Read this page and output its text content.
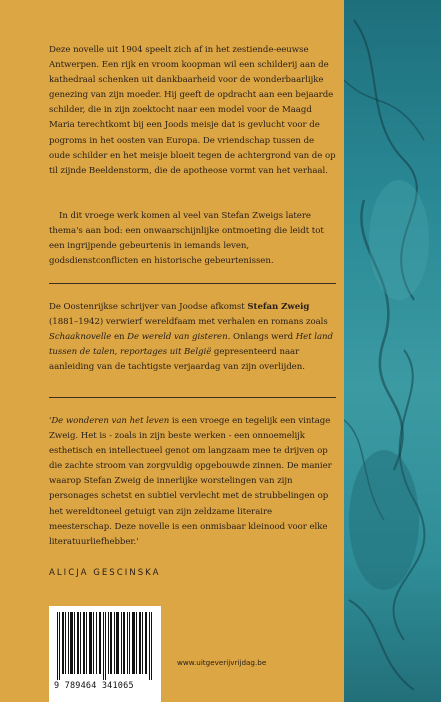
Deze novelle uit 1904 speelt zich af in het zestiende-eeuwse Antwerpen. Een rijk en vroom koopman wil een schilderij aan de kathedraal schenken uit dankbaarheid voor de wonderbaarlijke genezing van zijn moeder. Hij geeft de opdracht aan een bejaarde schilder, die in zijn zoektocht naar een model voor de Maagd Maria terechtkomt bij een Joods meisje dat is gevlucht voor de pogroms in het oosten van Europa. De vriendschap tussen de oude schilder en het meisje bloeit tegen de achtergrond van de op til zijnde Beeldenstorm, die de apotheose vormt van het verhaal.

In dit vroege werk komen al veel van Stefan Zweigs latere thema's aan bod: een onwaarschijnlijke ontmoeting die leidt tot een ingrijpende gebeurtenis in iemands leven, godsdienstconflicten en historische gebeurtenissen.

De Oostenrijkse schrijver van Joodse afkomst Stefan Zweig (1881–1942) verwierf wereldfaam met verhalen en romans zoals Schaaknovelle en De wereld van gisteren. Onlangs werd Het land tussen de talen, reportages uit België gepresenteerd naar aanleiding van de tachtigste verjaardag van zijn overlijden.

'De wonderen van het leven is een vroege en tegelijk een vintage Zweig. Het is - zoals in zijn beste werken - een onnoemelijk esthetisch en intellectueel genot om langzaam mee te drijven op die zachte stroom van zorgvuldig opgebouwde zinnen. De manier waarop Stefan Zweig de innerlijke worstelingen van zijn personages schetst en subtiel vervlecht met de strubbelingen op het wereldtoneel getuigt van zijn zeldzame literaire meesterschap. Deze novelle is een onmisbaar kleinood voor elke literatuurliefhebber.'

ALICJA GESCINSKA
9 789464 341065
www.uitgeverijvrijdag.be
